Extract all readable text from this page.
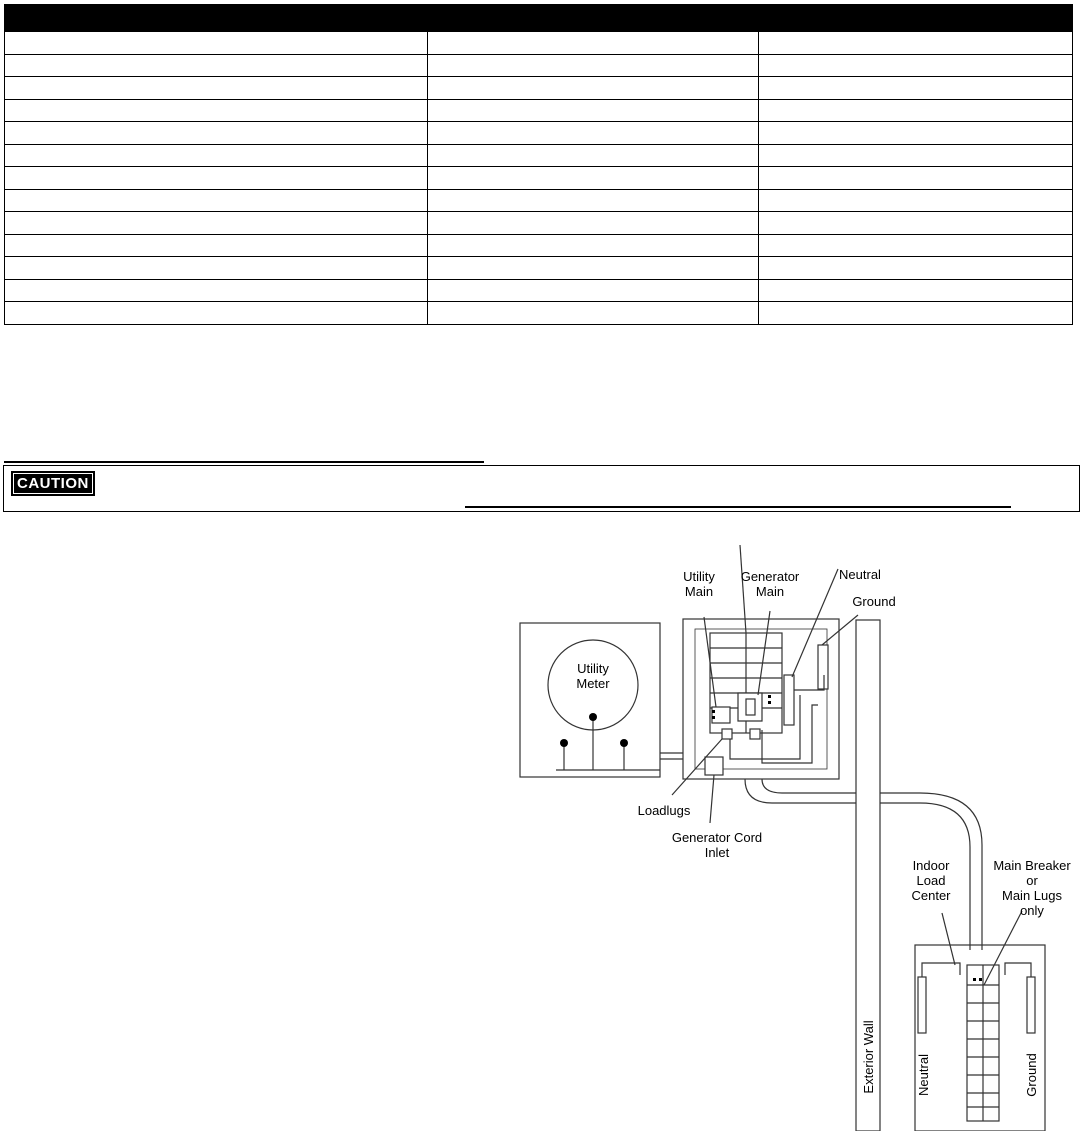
CAUTION
Utility
Main
Generator
Main
Neutral
Ground
Utility
Meter
Loadlugs
Generator Cord
Inlet
Indoor
Load
Center
Main Breaker
or
Main Lugs
only
Exterior Wall	Neutral	Ground
